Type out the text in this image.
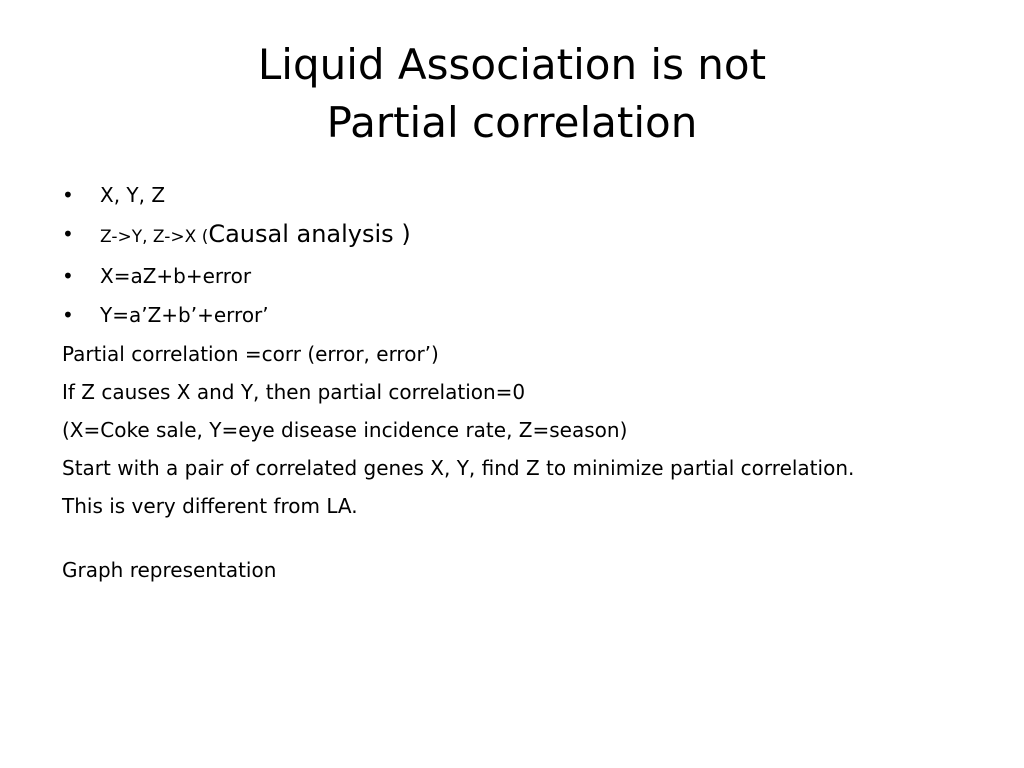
Liquid Association is not
Partial correlation
•	X, Y, Z
•	Z->Y, Z->X (Causal analysis )
•	X=aZ+b+error
•	Y=a’Z+b’+error’
Partial correlation =corr (error, error’)
If Z causes X and Y, then partial correlation=0
(X=Coke sale, Y=eye disease incidence rate, Z=season)
Start with a pair of correlated genes X, Y, find Z to minimize partial correlation.
This is very different from LA.
Graph representation
